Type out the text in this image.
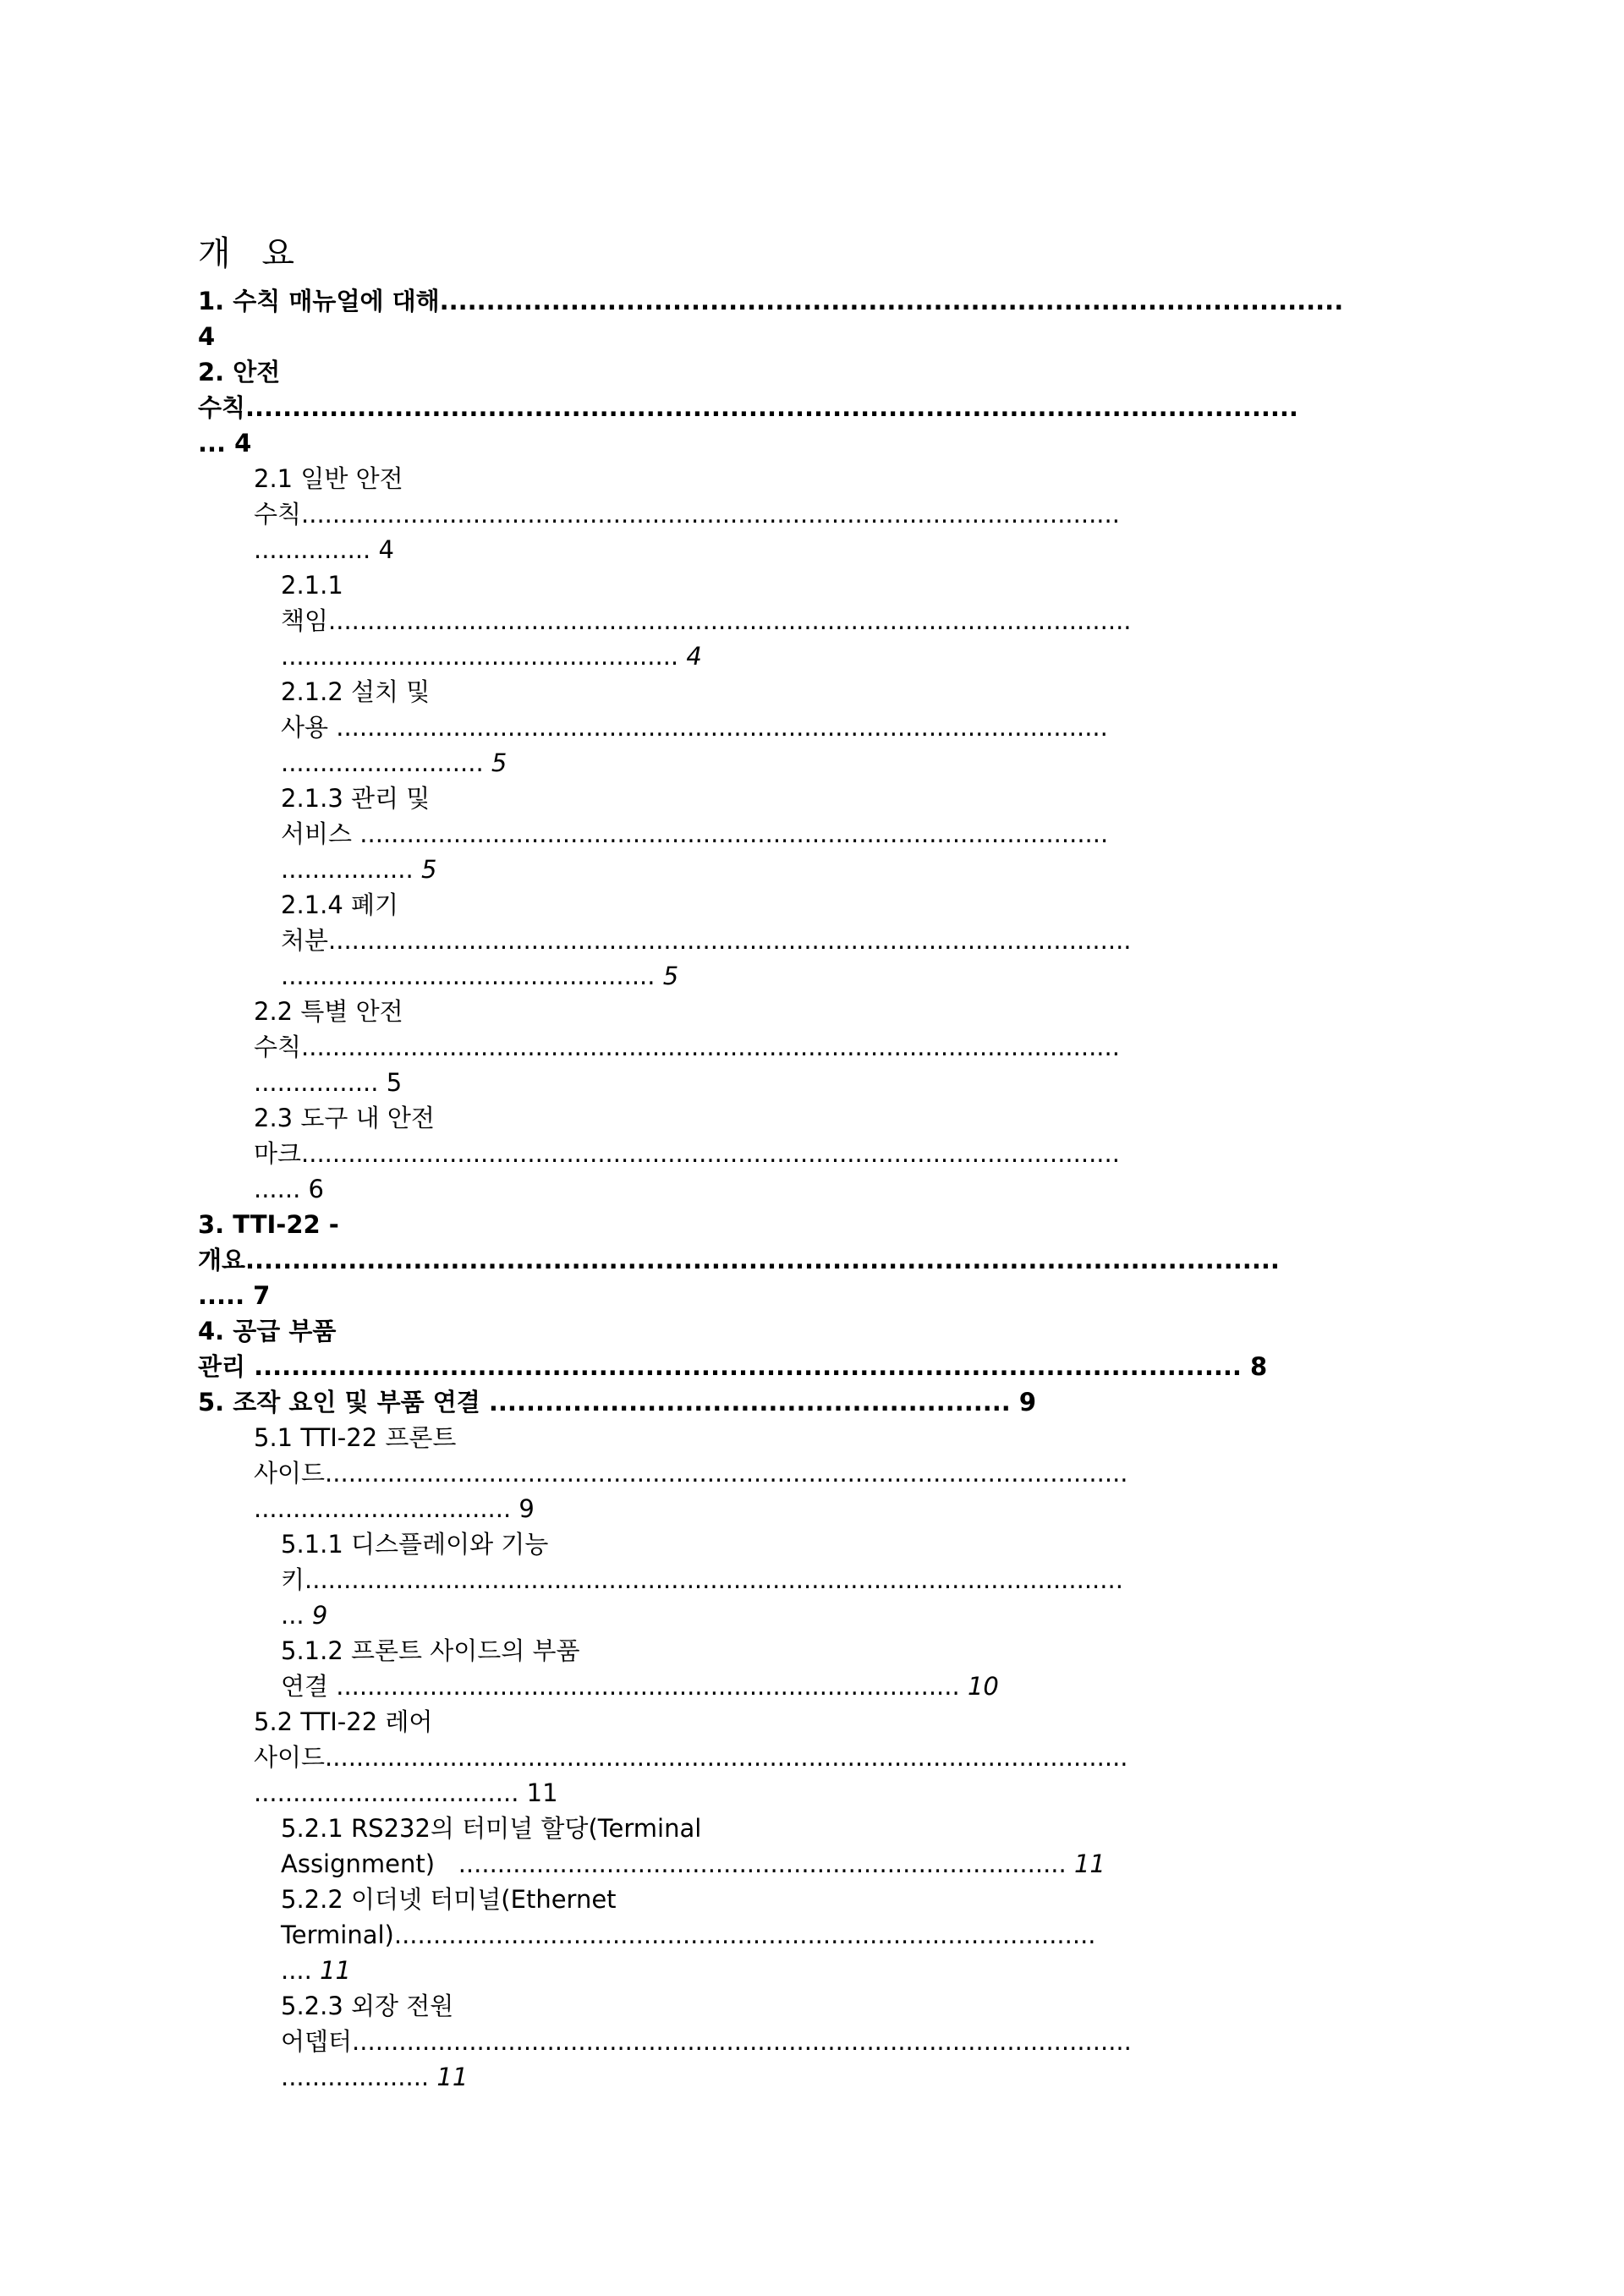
개 요
1. 수칙 매뉴얼에 대해.................................................................................................
4
2. 안전
수칙.................................................................................................................
... 4
2.1 일반 안전
수칙.........................................................................................................
............... 4
2.1.1
책임.......................................................................................................
................................................... 4
2.1.2 설치 및
사용 ...................................................................................................
.......................... 5
2.1.3 관리 및
서비스 ................................................................................................
................. 5
2.1.4 폐기
처분.......................................................................................................
................................................ 5
2.2 특별 안전
수칙.........................................................................................................
................ 5
2.3 도구 내 안전
마크.........................................................................................................
...... 6
3. TTI-22 -
개요...............................................................................................................
..... 7
4. 공급 부품
관리 .......................................................................................................... 8
5. 조작 요인 및 부품 연결 ........................................................ 9
5.1 TTI-22 프론트
사이드.......................................................................................................
................................. 9
5.1.1 디스플레이와 기능
키.........................................................................................................
... 9
5.1.2 프론트 사이드의 부품
연결 ................................................................................ 10
5.2 TTI-22 레어
사이드.......................................................................................................
.................................. 11
5.2.1 RS232의 터미널 할당(Terminal
Assignment)   .............................................................................. 11
5.2.2 이더넷 터미널(Ethernet
Terminal)..........................................................................................
.... 11
5.2.3 외장 전원
어뎁터....................................................................................................
................... 11
